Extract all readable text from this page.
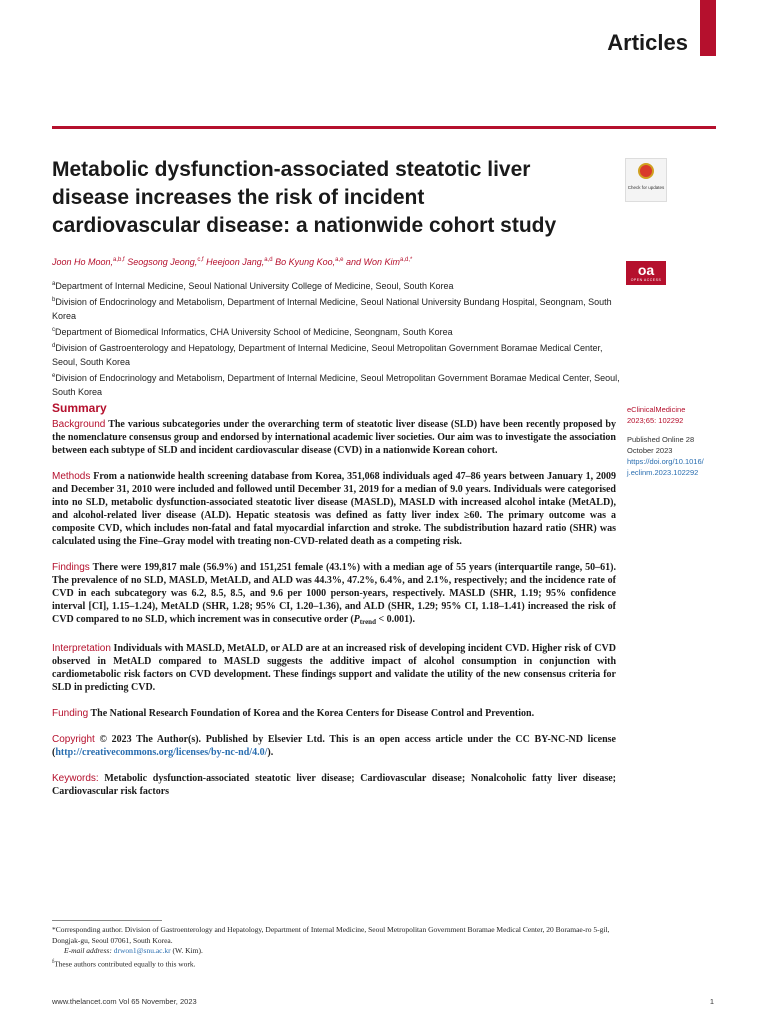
Articles
Metabolic dysfunction-associated steatotic liver disease increases the risk of incident cardiovascular disease: a nationwide cohort study
Joon Ho Moon,$^{a,b,f}$ Seogsong Jeong,$^{c,f}$ Heejoon Jang,$^{a,d}$ Bo Kyung Koo,$^{a,e}$ and Won Kim$^{a,d,*}$

$^a$Department of Internal Medicine, Seoul National University College of Medicine, Seoul, South Korea

$^b$Division of Endocrinology and Metabolism, Department of Internal Medicine, Seoul National University Bundang Hospital, Seongnam, South Korea

$^c$Department of Biomedical Informatics, CHA University School of Medicine, Seongnam, South Korea

$^d$Division of Gastroenterology and Hepatology, Department of Internal Medicine, Seoul Metropolitan Government Boramae Medical Center, Seoul, South Korea

$^e$Division of Endocrinology and Metabolism, Department of Internal Medicine, Seoul Metropolitan Government Boramae Medical Center, Seoul, South Korea

Check for updates
oa
OPEN ACCESS
eClinicalMedicine
2023;65: 102292
Published Online 28 October 2023
https://doi.org/10.1016/j.eclinm.2023.102292
Summary

Background The various subcategories under the overarching term of steatotic liver disease (SLD) have been recently proposed by the nomenclature consensus group and endorsed by international academic liver societies. Our aim was to investigate the association between each subtype of SLD and incident cardiovascular disease (CVD) in a nationwide Korean cohort.

Methods From a nationwide health screening database from Korea, 351,068 individuals aged 47–86 years between January 1, 2009 and December 31, 2010 were included and followed until December 31, 2019 for a median of 9.0 years. Individuals were categorised into no SLD, metabolic dysfunction-associated steatotic liver disease (MASLD), MASLD with increased alcohol intake (MetALD), and alcohol-related liver disease (ALD). Hepatic steatosis was defined as fatty liver index ≥60. The primary outcome was a composite CVD, which includes non-fatal and fatal myocardial infarction and stroke. The subdistribution hazard ratio (SHR) was calculated using the Fine–Gray model with treating non-CVD-related death as a competing risk.

Findings There were 199,817 male (56.9%) and 151,251 female (43.1%) with a median age of 55 years (interquartile range, 50–61). The prevalence of no SLD, MASLD, MetALD, and ALD was 44.3%, 47.2%, 6.4%, and 2.1%, respectively; and the incidence rate of CVD in each subcategory was 6.2, 8.5, 8.5, and 9.6 per 1000 person-years, respectively. MASLD (SHR, 1.19; 95% confidence interval [CI], 1.15–1.24), MetALD (SHR, 1.28; 95% CI, 1.20–1.36), and ALD (SHR, 1.29; 95% CI, 1.18–1.41) increased the risk of CVD compared to no SLD, which increment was in consecutive order $(P_{trend} < 0.001)$.

Interpretation Individuals with MASLD, MetALD, or ALD are at an increased risk of developing incident CVD. Higher risk of CVD observed in MetALD compared to MASLD suggests the additive impact of alcohol consumption in conjunction with cardiometabolic risk factors on CVD development. These findings support and validate the utility of the new consensus criteria for SLD in predicting CVD.

Funding The National Research Foundation of Korea and the Korea Centers for Disease Control and Prevention.

Copyright © 2023 The Author(s). Published by Elsevier Ltd. This is an open access article under the CC BY-NC-ND license (http://creativecommons.org/licenses/by-nc-nd/4.0/).

Keywords: Metabolic dysfunction-associated steatotic liver disease; Cardiovascular disease; Nonalcoholic fatty liver disease; Cardiovascular risk factors

*Corresponding author. Division of Gastroenterology and Hepatology, Department of Internal Medicine, Seoul Metropolitan Government Boramae Medical Center, 20 Boramae-ro 5-gil, Dongjak-gu, Seoul 07061, South Korea.

E-mail address: drwon1@snu.ac.kr (W. Kim).

$^f$These authors contributed equally to this work.

www.thelancet.com Vol 65 November, 2023	1
